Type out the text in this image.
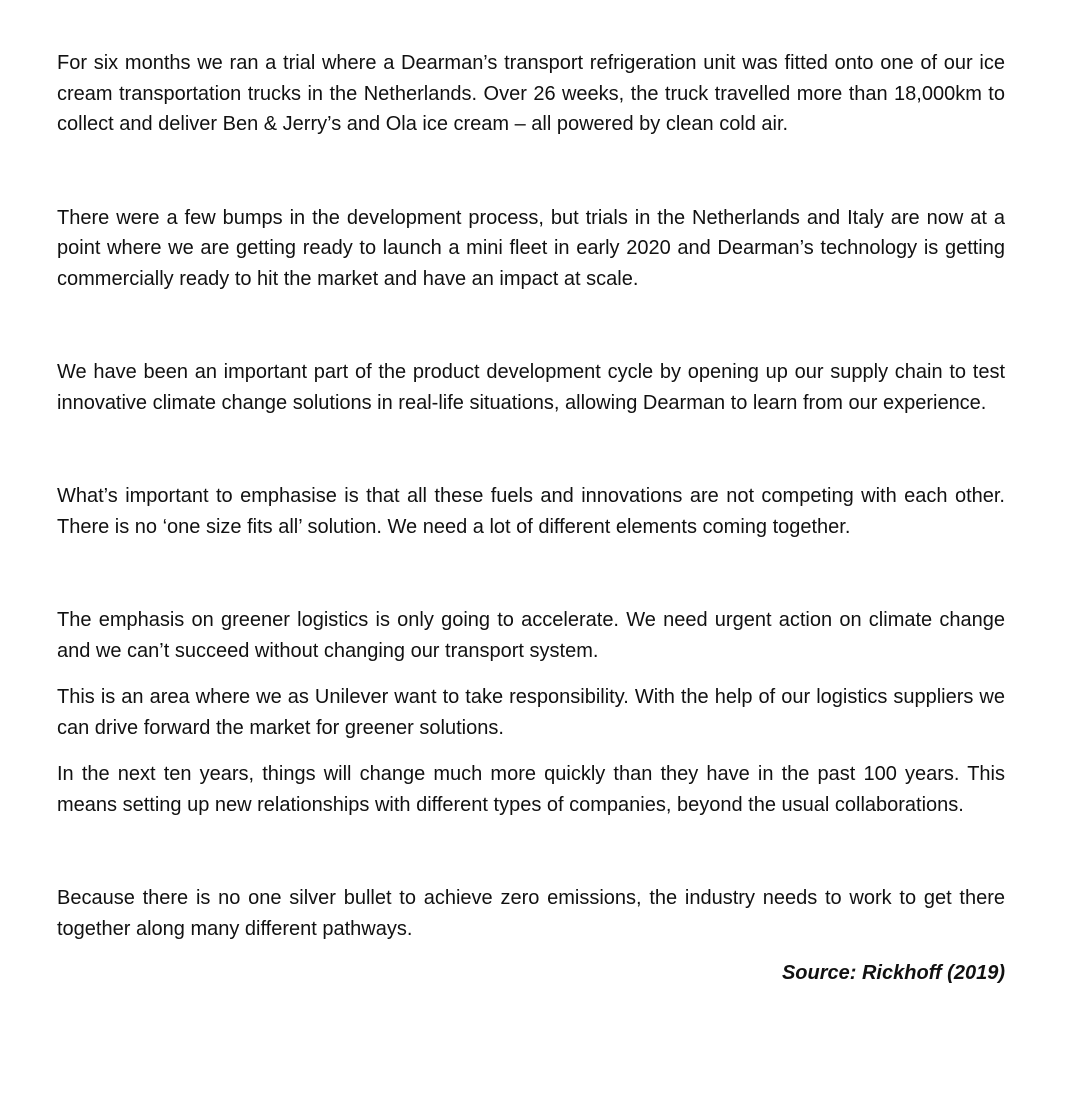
For six months we ran a trial where a Dearman’s transport refrigeration unit was fitted onto one of our ice cream transportation trucks in the Netherlands. Over 26 weeks, the truck travelled more than 18,000km to collect and deliver Ben & Jerry’s and Ola ice cream – all powered by clean cold air.

There were a few bumps in the development process, but trials in the Netherlands and Italy are now at a point where we are getting ready to launch a mini fleet in early 2020 and Dearman’s technology is getting commercially ready to hit the market and have an impact at scale.

We have been an important part of the product development cycle by opening up our supply chain to test innovative climate change solutions in real-life situations, allowing Dearman to learn from our experience.

What’s important to emphasise is that all these fuels and innovations are not competing with each other. There is no ‘one size fits all’ solution. We need a lot of different elements coming together.

The emphasis on greener logistics is only going to accelerate. We need urgent action on climate change and we can’t succeed without changing our transport system.

This is an area where we as Unilever want to take responsibility. With the help of our logistics suppliers we can drive forward the market for greener solutions.

In the next ten years, things will change much more quickly than they have in the past 100 years. This means setting up new relationships with different types of companies, beyond the usual collaborations.

Because there is no one silver bullet to achieve zero emissions, the industry needs to work to get there together along many different pathways.

Source: Rickhoff (2019)
